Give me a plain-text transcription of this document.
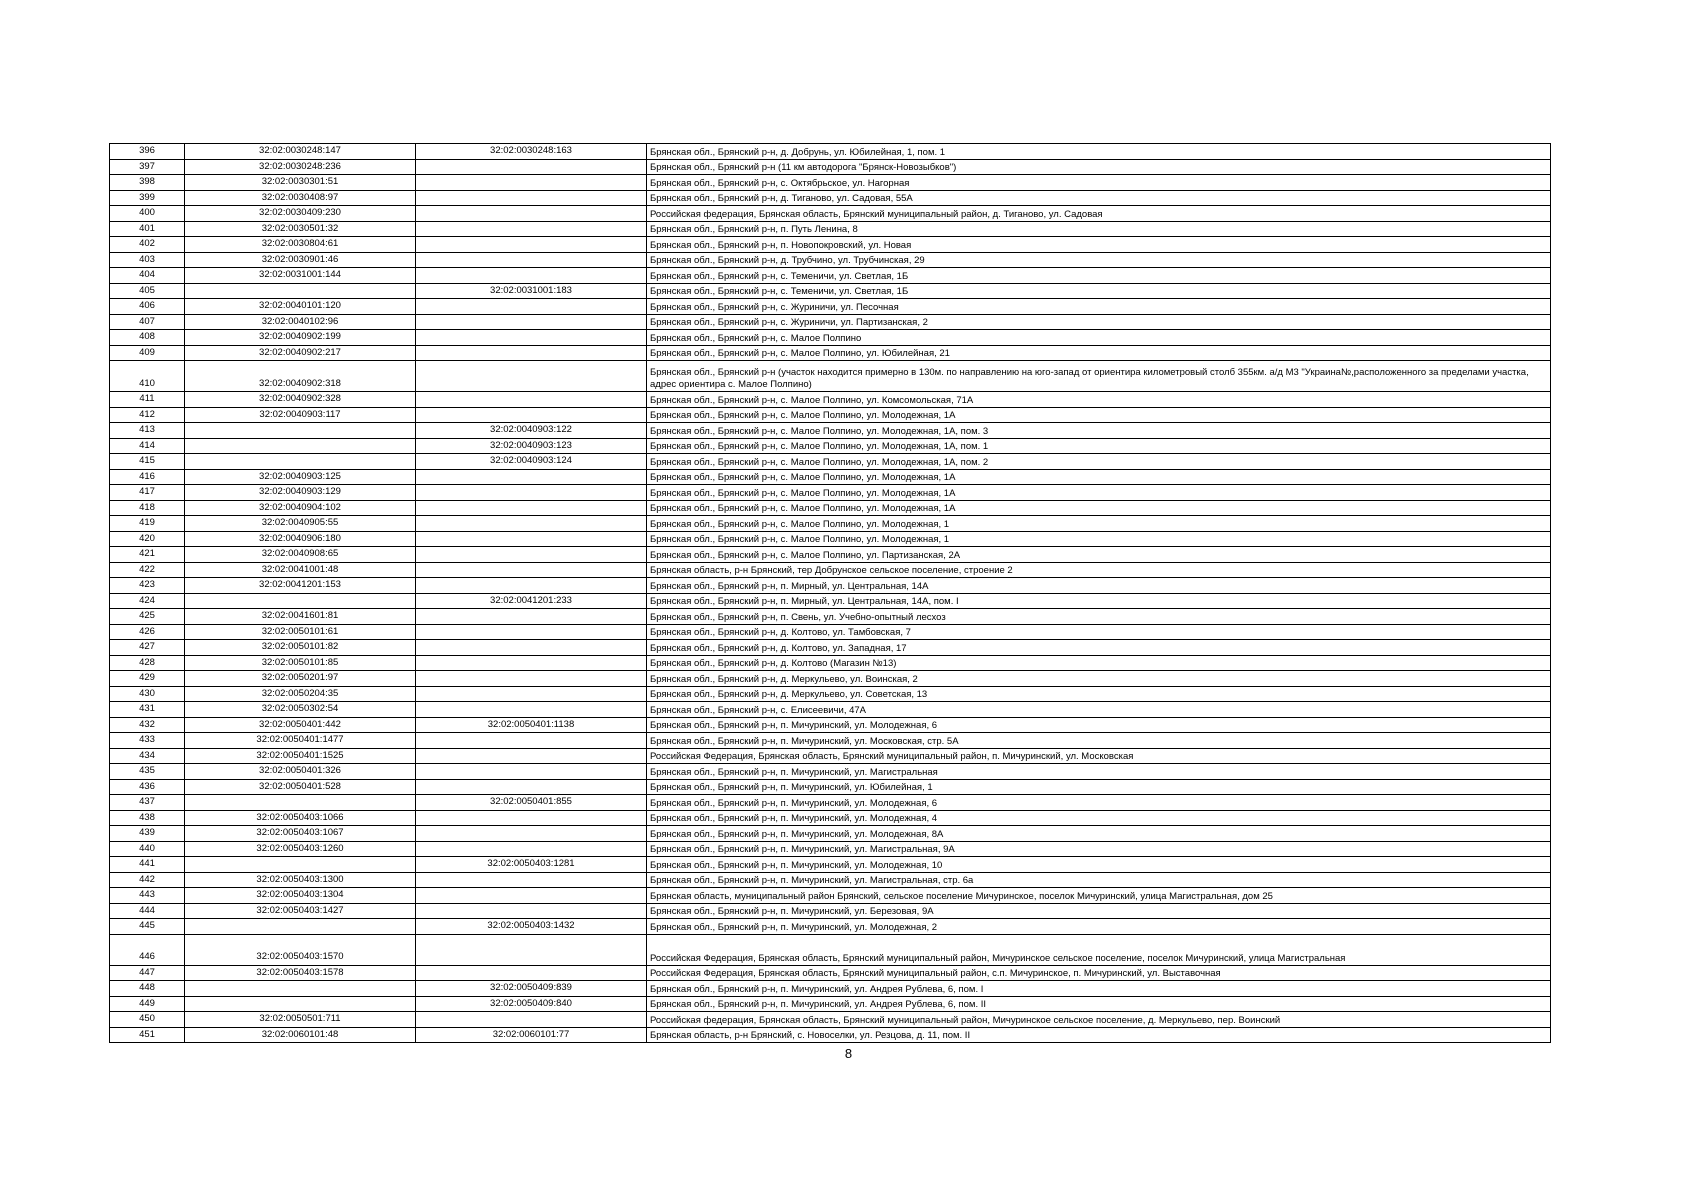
396	32:02:0030248:147	32:02:0030248:163	Брянская обл., Брянский р-н, д. Добрунь, ул. Юбилейная, 1, пом. 1
397	32:02:0030248:236		Брянская обл., Брянский р-н (11 км автодорога "Брянск-Новозыбков")
398	32:02:0030301:51		Брянская обл., Брянский р-н, с. Октябрьское, ул. Нагорная
399	32:02:0030408:97		Брянская обл., Брянский р-н, д. Тиганово, ул. Садовая, 55А
400	32:02:0030409:230		Российская федерация, Брянская область, Брянский муниципальный район, д. Тиганово, ул. Садовая
401	32:02:0030501:32		Брянская обл., Брянский р-н, п. Путь Ленина, 8
402	32:02:0030804:61		Брянская обл., Брянский р-н, п. Новопокровский, ул. Новая
403	32:02:0030901:46		Брянская обл., Брянский р-н, д. Трубчино, ул. Трубчинская, 29
404	32:02:0031001:144		Брянская обл., Брянский р-н, с. Теменичи, ул. Светлая, 1Б
405		32:02:0031001:183	Брянская обл., Брянский р-н, с. Теменичи, ул. Светлая, 1Б
406	32:02:0040101:120		Брянская обл., Брянский р-н, с. Журиничи, ул. Песочная
407	32:02:0040102:96		Брянская обл., Брянский р-н, с. Журиничи, ул. Партизанская, 2
408	32:02:0040902:199		Брянская обл., Брянский р-н, с. Малое Полпино
409	32:02:0040902:217		Брянская обл., Брянский р-н, с. Малое Полпино, ул. Юбилейная, 21
410	32:02:0040902:318		Брянская обл., Брянский р-н (участок находится примерно в 130м. по направлению на юго-запад от ориентира километровый столб 355км. а/д М3 "Украина№,расположенного за пределами участка, адрес ориентира с. Малое Полпино)
411	32:02:0040902:328		Брянская обл., Брянский р-н, с. Малое Полпино, ул. Комсомольская, 71А
412	32:02:0040903:117		Брянская обл., Брянский р-н, с. Малое Полпино, ул. Молодежная, 1А
413		32:02:0040903:122	Брянская обл., Брянский р-н, с. Малое Полпино, ул. Молодежная, 1А, пом. 3
414		32:02:0040903:123	Брянская обл., Брянский р-н, с. Малое Полпино, ул. Молодежная, 1А, пом. 1
415		32:02:0040903:124	Брянская обл., Брянский р-н, с. Малое Полпино, ул. Молодежная, 1А, пом. 2
416	32:02:0040903:125		Брянская обл., Брянский р-н, с. Малое Полпино, ул. Молодежная, 1А
417	32:02:0040903:129		Брянская обл., Брянский р-н, с. Малое Полпино, ул. Молодежная, 1А
418	32:02:0040904:102		Брянская обл., Брянский р-н, с. Малое Полпино, ул. Молодежная, 1А
419	32:02:0040905:55		Брянская обл., Брянский р-н, с. Малое Полпино, ул. Молодежная, 1
420	32:02:0040906:180		Брянская обл., Брянский р-н, с. Малое Полпино, ул. Молодежная, 1
421	32:02:0040908:65		Брянская обл., Брянский р-н, с. Малое Полпино, ул. Партизанская, 2А
422	32:02:0041001:48		Брянская область, р-н Брянский, тер Добрунское сельское поселение, строение 2
423	32:02:0041201:153		Брянская обл., Брянский р-н, п. Мирный, ул. Центральная, 14А
424		32:02:0041201:233	Брянская обл., Брянский р-н, п. Мирный, ул. Центральная, 14А, пом. I
425	32:02:0041601:81		Брянская обл., Брянский р-н, п. Свень, ул. Учебно-опытный лесхоз
426	32:02:0050101:61		Брянская обл., Брянский р-н, д. Колтово, ул. Тамбовская, 7
427	32:02:0050101:82		Брянская обл., Брянский р-н, д. Колтово, ул. Западная, 17
428	32:02:0050101:85		Брянская обл., Брянский р-н, д. Колтово (Магазин №13)
429	32:02:0050201:97		Брянская обл., Брянский р-н, д. Меркульево, ул. Воинская, 2
430	32:02:0050204:35		Брянская обл., Брянский р-н, д. Меркульево, ул. Советская, 13
431	32:02:0050302:54		Брянская обл., Брянский р-н, с. Елисеевичи, 47А
432	32:02:0050401:442	32:02:0050401:1138	Брянская обл., Брянский р-н, п. Мичуринский, ул. Молодежная, 6
433	32:02:0050401:1477		Брянская обл., Брянский р-н, п. Мичуринский, ул. Московская, стр. 5А
434	32:02:0050401:1525		Российская Федерация, Брянская область, Брянский муниципальный район, п. Мичуринский, ул. Московская
435	32:02:0050401:326		Брянская обл., Брянский р-н, п. Мичуринский, ул. Магистральная
436	32:02:0050401:528		Брянская обл., Брянский р-н, п. Мичуринский, ул. Юбилейная, 1
437		32:02:0050401:855	Брянская обл., Брянский р-н, п. Мичуринский, ул. Молодежная, 6
438	32:02:0050403:1066		Брянская обл., Брянский р-н, п. Мичуринский, ул. Молодежная, 4
439	32:02:0050403:1067		Брянская обл., Брянский р-н, п. Мичуринский, ул. Молодежная, 8А
440	32:02:0050403:1260		Брянская обл., Брянский р-н, п. Мичуринский, ул. Магистральная, 9А
441		32:02:0050403:1281	Брянская обл., Брянский р-н, п. Мичуринский, ул. Молодежная, 10
442	32:02:0050403:1300		Брянская обл., Брянский р-н, п. Мичуринский, ул. Магистральная, стр. 6а
443	32:02:0050403:1304		Брянская область, муниципальный район Брянский, сельское поселение Мичуринское, поселок Мичуринский, улица Магистральная, дом 25
444	32:02:0050403:1427		Брянская обл., Брянский р-н, п. Мичуринский, ул. Березовая, 9А
445		32:02:0050403:1432	Брянская обл., Брянский р-н, п. Мичуринский, ул. Молодежная, 2
446	32:02:0050403:1570		Российская Федерация, Брянская область, Брянский муниципальный район, Мичуринское сельское поселение, поселок Мичуринский, улица Магистральная
447	32:02:0050403:1578		Российская Федерация, Брянская область, Брянский муниципальный район, с.п. Мичуринское, п. Мичуринский, ул. Выставочная
448		32:02:0050409:839	Брянская обл., Брянский р-н, п. Мичуринский, ул. Андрея Рублева, 6, пом. I
449		32:02:0050409:840	Брянская обл., Брянский р-н, п. Мичуринский, ул. Андрея Рублева, 6, пом. II
450	32:02:0050501:711		Российская федерация, Брянская область, Брянский муниципальный район, Мичуринское сельское поселение, д. Меркульево, пер. Воинский
451	32:02:0060101:48	32:02:0060101:77	Брянская область, р-н Брянский, с. Новоселки, ул. Резцова, д. 11, пом. II
8
